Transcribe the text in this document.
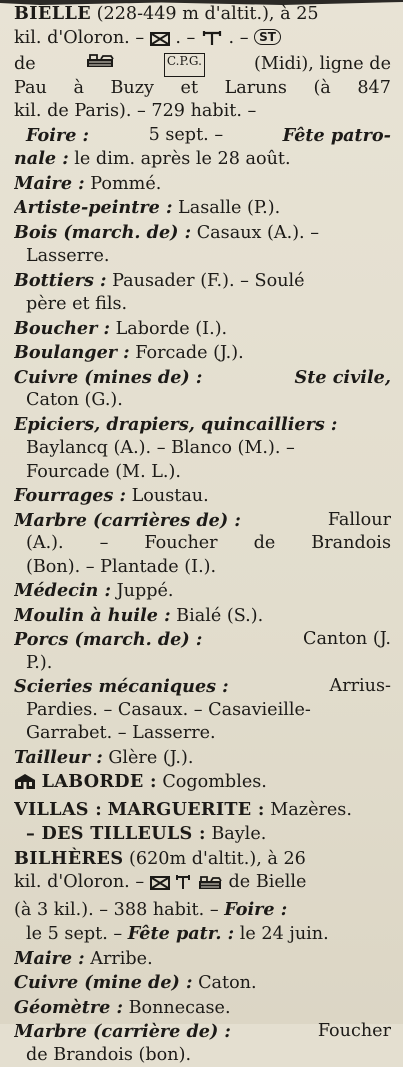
BIELLE (228-449 m d'altit.), à 25
kil. d'Oloron. – . – . – ST
de	C.P.G.	(Midi), ligne de
Pau à Buzy et Laruns (à 847
kil. de Paris). – 729 habit. –
Foire :	5 sept. –	Fête patro-
nale : le dim. après le 28 août.
Maire : Pommé.
Artiste-peintre : Lasalle (P.).
Bois (march. de) : Casaux (A.). –
Lasserre.
Bottiers : Pausader (F.). – Soulé
père et fils.
Boucher : Laborde (I.).
Boulanger : Forcade (J.).
Cuivre (mines de) :	Ste civile,
Caton (G.).
Epiciers, drapiers, quincailliers :
Baylancq (A.). – Blanco (M.). –
Fourcade (M. L.).
Fourrages : Loustau.
Marbre (carrières de) :	Fallour
(A.). – Foucher de Brandois
(Bon). – Plantade (I.).
Médecin : Juppé.
Moulin à huile : Bialé (S.).
Porcs (march. de) :	Canton (J.
P.).
Scieries mécaniques :	Arrius-
Pardies. – Casaux. – Casavieille-
Garrabet. – Lasserre.
Tailleur : Glère (J.).
LABORDE : Cogombles.
VILLAS : MARGUERITE : Mazères.
– DES TILLEULS : Bayle.
BILHÈRES (620m d'altit.), à 26
kil. d'Oloron. –	de Bielle
(à 3 kil.). – 388 habit. – Foire :
le 5 sept. – Fête patr. : le 24 juin.
Maire : Arribe.
Cuivre (mine de) : Caton.
Géomètre : Bonnecase.
Marbre (carrière de) :	Foucher
de Brandois (bon).
